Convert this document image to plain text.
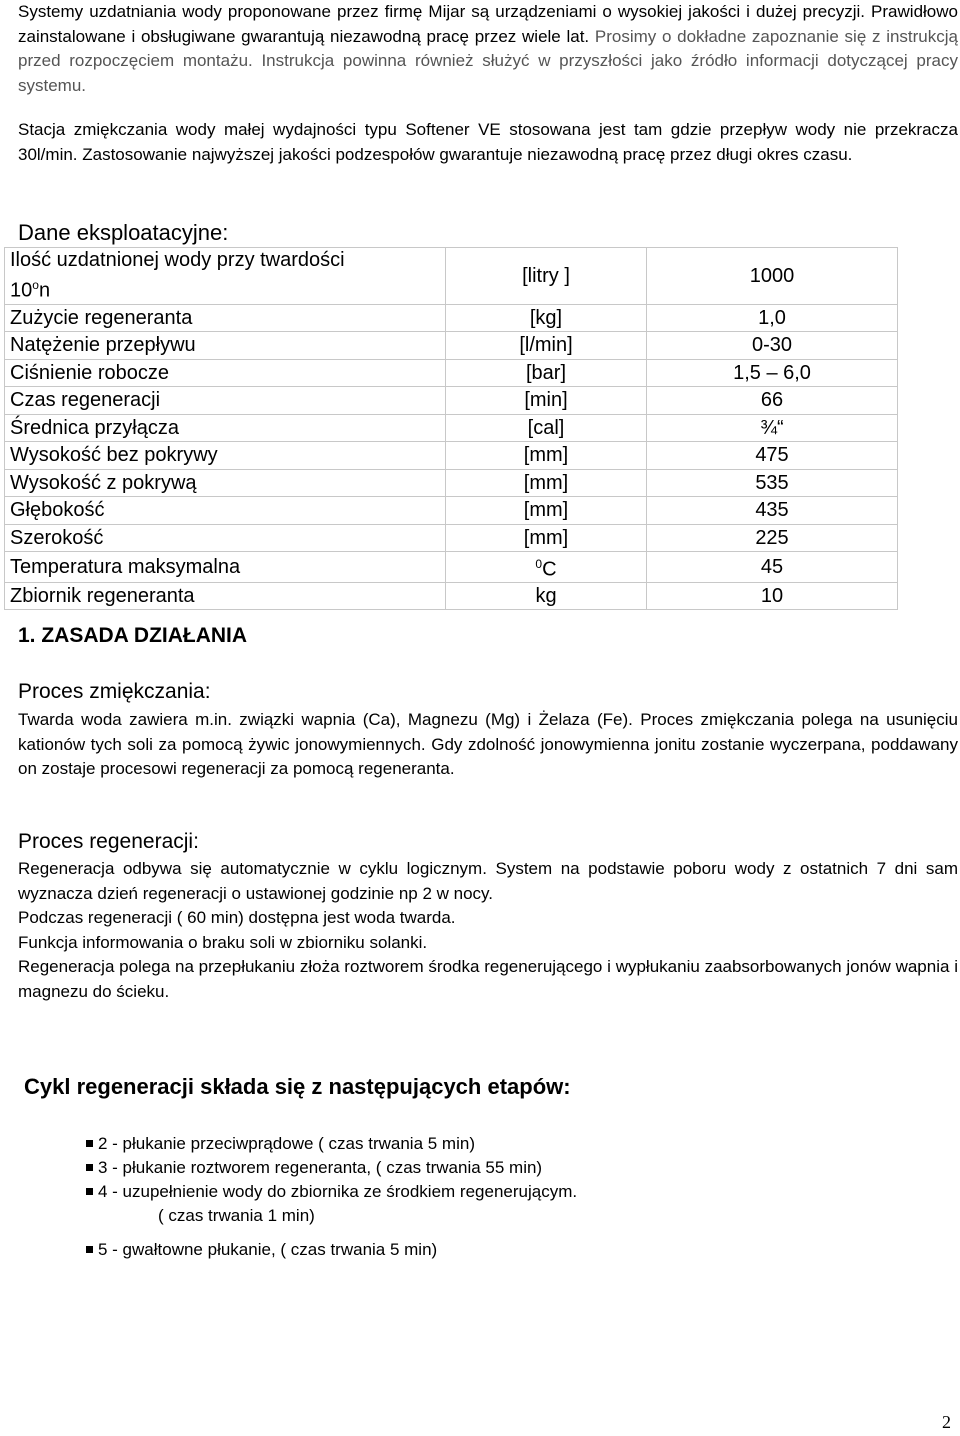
Systemy uzdatniania wody proponowane przez firmę Mijar są urządzeniami o wysokiej jakości i dużej precyzji. Prawidłowo zainstalowane i obsługiwane gwarantują niezawodną pracę przez wiele lat. Prosimy o dokładne zapoznanie się z instrukcją przed rozpoczęciem montażu. Instrukcja powinna również służyć w przyszłości jako źródło informacji dotyczącej pracy systemu.

Stacja zmiękczania wody małej wydajności typu Softener VE stosowana jest tam gdzie przepływ wody nie przekracza 30l/min. Zastosowanie najwyższej jakości podzespołów gwarantuje niezawodną pracę przez długi okres czasu.

Dane eksploatacyjne:
Ilość uzdatnionej wody przy twardości
10$^o$n	[litry ]	1000
Zużycie regeneranta	[kg]	1,0
Natężenie przepływu	[l/min]	0-30
Ciśnienie robocze	[bar]	1,5 – 6,0
Czas regeneracji	[min]	66
Średnica przyłącza	[cal]	¾“
Wysokość bez pokrywy	[mm]	475
Wysokość z pokrywą	[mm]	535
Głębokość	[mm]	435
Szerokość	[mm]	225
Temperatura maksymalna	$^0$C	45
Zbiornik regeneranta	kg	10
1. ZASADA DZIAŁANIA
Proces zmiękczania:

Twarda woda zawiera m.in. związki wapnia (Ca), Magnezu (Mg) i Żelaza (Fe). Proces zmiękczania polega na usunięciu kationów tych soli za pomocą żywic jonowymiennych. Gdy zdolność jonowymienna jonitu zostanie wyczerpana, poddawany on zostaje procesowi regeneracji za pomocą regeneranta.

Proces regeneracji:

Regeneracja odbywa się automatycznie w cyklu logicznym. System na podstawie poboru wody z ostatnich 7 dni sam wyznacza dzień regeneracji o ustawionej godzinie np 2 w nocy.

Podczas regeneracji ( 60 min) dostępna jest woda twarda.

Funkcja informowania o braku soli w zbiorniku solanki.

Regeneracja polega na przepłukaniu złoża roztworem środka regenerującego i wypłukaniu zaabsorbowanych jonów wapnia i magnezu do ścieku.

Cykl regeneracji składa się z następujących etapów:
2 - płukanie przeciwprądowe ( czas trwania 5 min)
3 - płukanie roztworem regeneranta, ( czas trwania 55 min)
4 - uzupełnienie wody do zbiornika ze środkiem regenerującym.
( czas trwania 1 min)
5 - gwałtowne płukanie, ( czas trwania 5 min)
2
